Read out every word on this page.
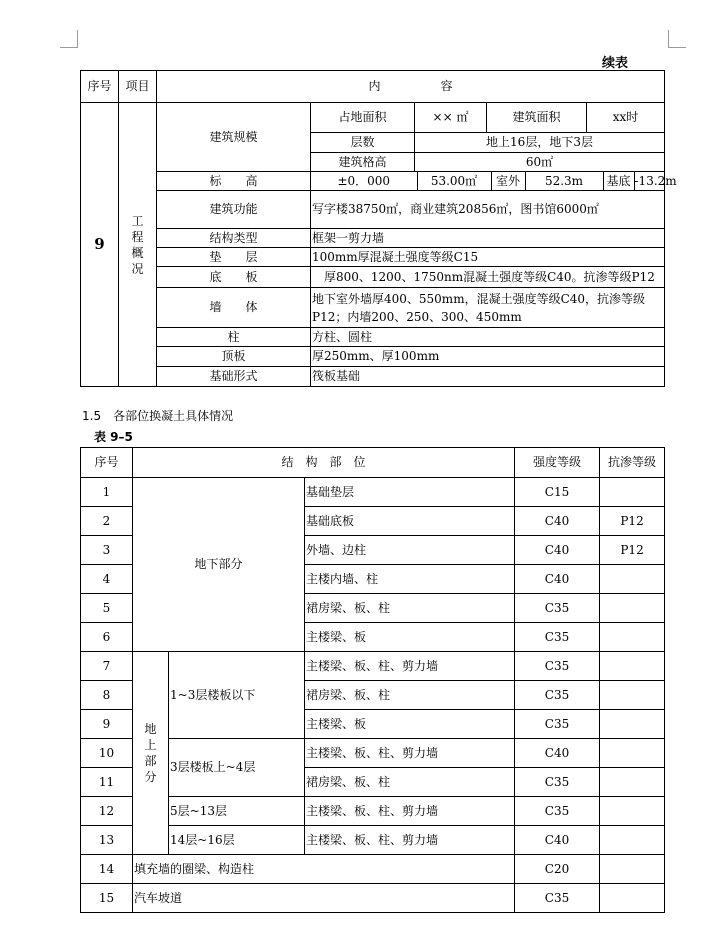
续表
序号	项目	内　　　　　容
9	工程概况	建筑规模	占地面积	×× ㎡	建筑面积	xx时
层数	地上16层，地下3层
建筑格高	60㎡
标　　高		±0．000	53.00㎡	室外	52.3m	基底	-13.2m

建筑功能	写字楼38750㎡，商业建筑20856㎡，图书馆6000㎡
结构类型	框架一剪力墙
垫　　层	100mm厚混凝土强度等级C15
底　　板	　厚800、1200、1750nm混凝土强度等级C40。抗渗等级P12
墙　　体	地下室外墙厚400、550mm，混凝土强度等级C40，抗渗等级P12；内墙200、250、300、450mm
柱	方柱、圆柱
顶板	厚250mm、厚100mm
基础形式	筏板基础
1.5　各部位换凝土具体情况
表 9–5
序号	结　构　部　位			强度等级	抗渗等级
1	地下部分		基础垫层	C15	
2			基础底板	C40	P12
3			外墙、边柱	C40	P12
4			主楼内墙、柱	C40	
5			裙房梁、板、柱	C35	
6			主楼梁、板	C35	
7	地上部分	1~3层楼板以下	主楼梁、板、柱、剪力墙	C35	
8			裙房梁、板、柱	C35	
9			主楼梁、板	C35	
10		3层楼板上~4层	主楼梁、板、柱、剪力墙	C40	
11			裙房梁、板、柱	C35	
12		5层~13层	主楼梁、板、柱、剪力墙	C35	
13		14层~16层	主楼梁、板、柱、剪力墙	C40	
14	填充墙的圈梁、构造柱			C20	
15	汽车坡道			C35	
